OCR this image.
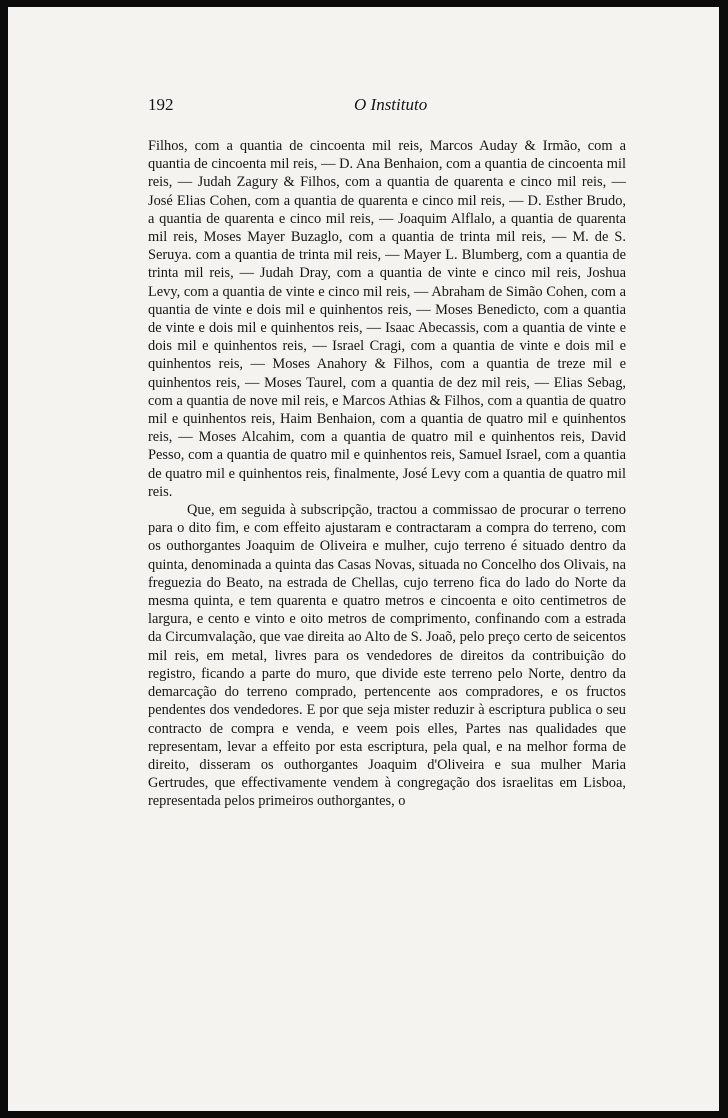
192	O Instituto

Filhos, com a quantia de cincoenta mil reis, Marcos Auday & Irmão, com a quantia de cincoenta mil reis, — D. Ana Benhaion, com a quantia de cincoenta mil reis, — Judah Zagury & Filhos, com a quantia de quarenta e cinco mil reis, — José Elias Cohen, com a quantia de quarenta e cinco mil reis, — D. Esther Brudo, a quantia de quarenta e cinco mil reis, — Joaquim Alflalo, a quantia de quarenta mil reis, Moses Mayer Buzaglo, com a quantia de trinta mil reis, — M. de S. Seruya. com a quantia de trinta mil reis, — Mayer L. Blumberg, com a quantia de trinta mil reis, — Judah Dray, com a quantia de vinte e cinco mil reis, Joshua Levy, com a quantia de vinte e cinco mil reis, — Abraham de Simão Cohen, com a quantia de vinte e dois mil e quinhentos reis, — Moses Benedicto, com a quantia de vinte e dois mil e quinhentos reis, — Isaac Abecassis, com a quantia de vinte e dois mil e quinhentos reis, — Israel Cragi, com a quantia de vinte e dois mil e quinhentos reis, — Moses Anahory & Filhos, com a quantia de treze mil e quinhentos reis, — Moses Taurel, com a quantia de dez mil reis, — Elias Sebag, com a quantia de nove mil reis, e Marcos Athias & Filhos, com a quantia de quatro mil e quinhentos reis, Haim Benhaion, com a quantia de quatro mil e quinhentos reis, — Moses Alcahim, com a quantia de quatro mil e quinhentos reis, David Pesso, com a quantia de quatro mil e quinhentos reis, Samuel Israel, com a quantia de quatro mil e quinhentos reis, finalmente, José Levy com a quantia de quatro mil reis.

Que, em seguida à subscripção, tractou a commissao de procurar o terreno para o dito fim, e com effeito ajustaram e contractaram a compra do terreno, com os outhorgantes Joaquim de Oliveira e mulher, cujo terreno é situado dentro da quinta, denominada a quinta das Casas Novas, situada no Concelho dos Olivais, na freguezia do Beato, na estrada de Chellas, cujo terreno fica do lado do Norte da mesma quinta, e tem quarenta e quatro metros e cincoenta e oito centimetros de largura, e cento e vinto e oito metros de comprimento, confinando com a estrada da Circumvalação, que vae direita ao Alto de S. Joaõ, pelo preço certo de seicentos mil reis, em metal, livres para os vendedores de direitos da contribuição do registro, ficando a parte do muro, que divide este terreno pelo Norte, dentro da demarcação do terreno comprado, pertencente aos compradores, e os fructos pendentes dos vendedores. E por que seja mister reduzir à escriptura publica o seu contracto de compra e venda, e veem pois elles, Partes nas qualidades que representam, levar a effeito por esta escriptura, pela qual, e na melhor forma de direito, disseram os outhorgantes Joaquim d'Oliveira e sua mulher Maria Gertrudes, que effectivamente vendem à congregação dos israelitas em Lisboa, representada pelos primeiros outhorgantes, o
